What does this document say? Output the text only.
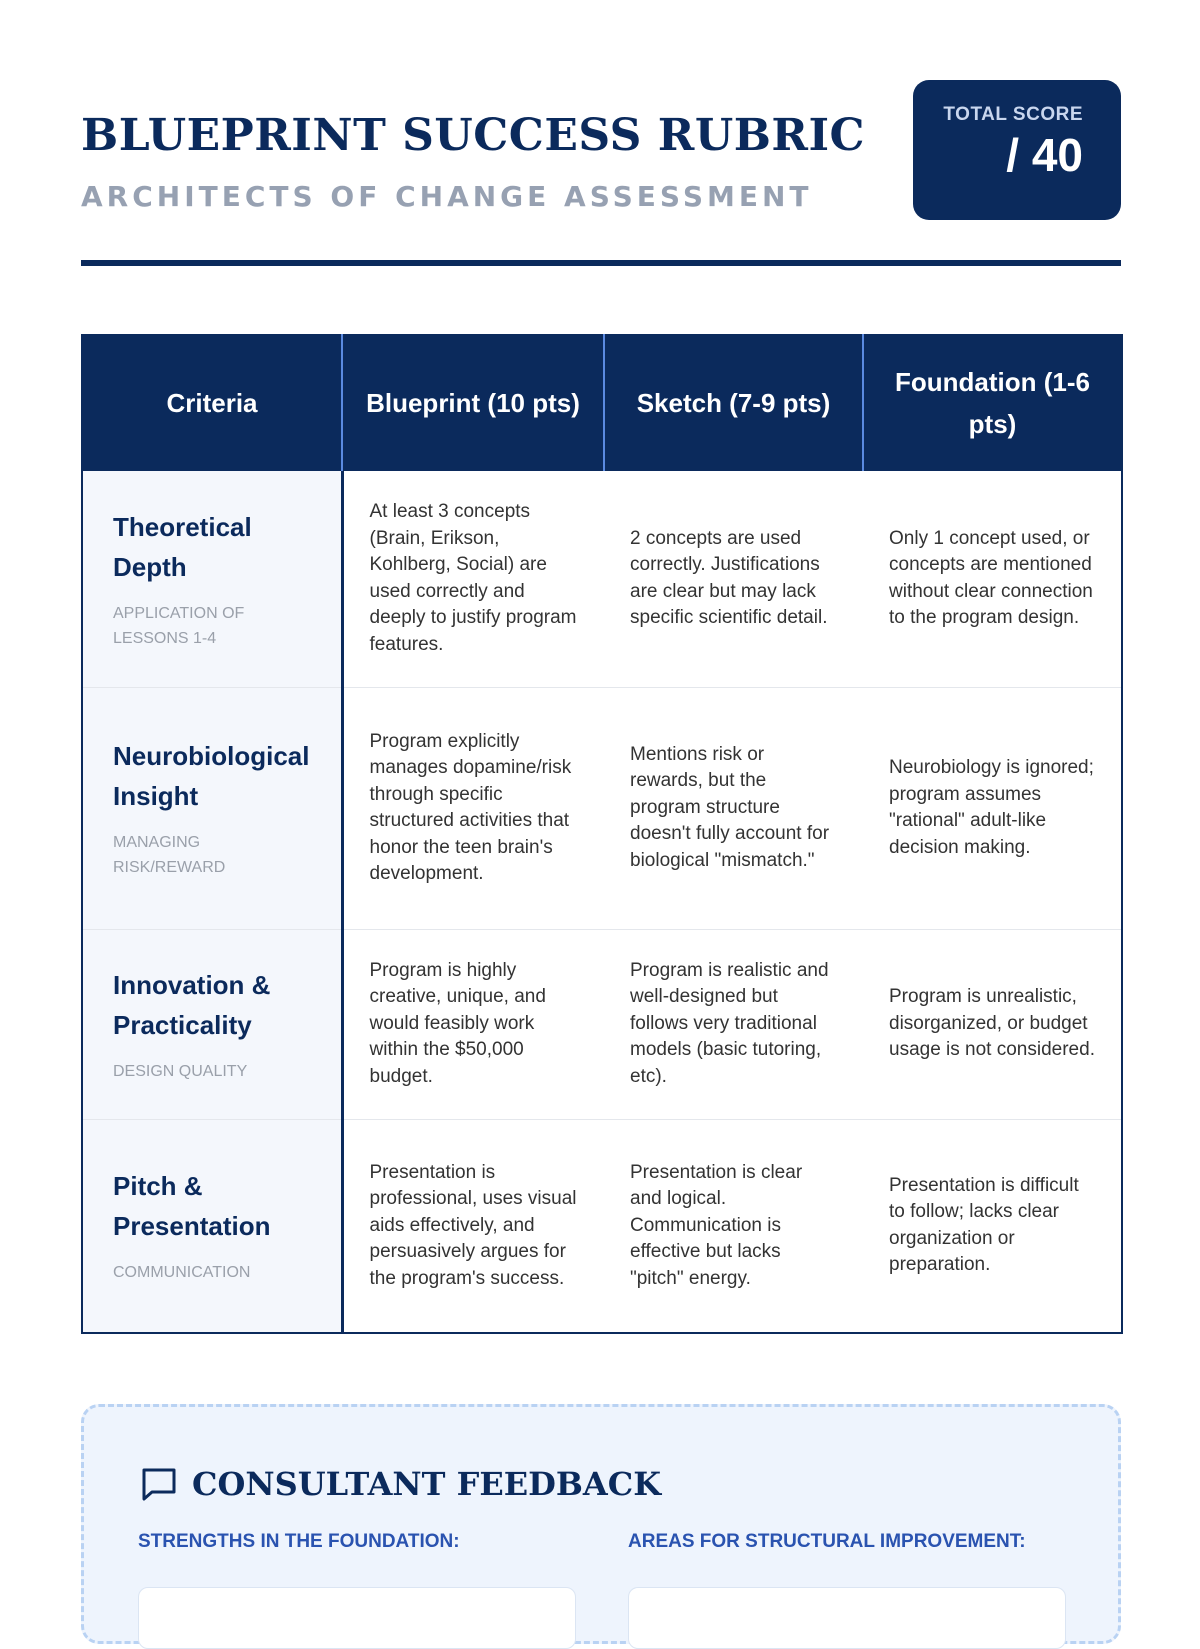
BLUEPRINT SUCCESS RUBRIC
ARCHITECTS OF CHANGE ASSESSMENT
TOTAL SCORE
/ 40
Criteria	Blueprint (10 pts)	Sketch (7-9 pts)	Foundation (1-6 pts)

Theoretical Depth
APPLICATION OF LESSONS 1-4	At least 3 concepts (Brain, Erikson, Kohlberg, Social) are used correctly and deeply to justify program features.	2 concepts are used correctly. Justifications are clear but may lack specific scientific detail.	Only 1 concept used, or concepts are mentioned without clear connection to the program design.

Neurobiological Insight
MANAGING RISK/REWARD	Program explicitly manages dopamine/risk through specific structured activities that honor the teen brain's development.	Mentions risk or rewards, but the program structure doesn't fully account for biological "mismatch."	Neurobiology is ignored; program assumes "rational" adult-like decision making.

Innovation & Practicality
DESIGN QUALITY	Program is highly creative, unique, and would feasibly work within the $50,000 budget.	Program is realistic and well-designed but follows very traditional models (basic tutoring, etc).	Program is unrealistic, disorganized, or budget usage is not considered.

Pitch & Presentation
COMMUNICATION	Presentation is professional, uses visual aids effectively, and persuasively argues for the program's success.	Presentation is clear and logical. Communication is effective but lacks "pitch" energy.	Presentation is difficult to follow; lacks clear organization or preparation.
CONSULTANT FEEDBACK
STRENGTHS IN THE FOUNDATION:	AREAS FOR STRUCTURAL IMPROVEMENT:
